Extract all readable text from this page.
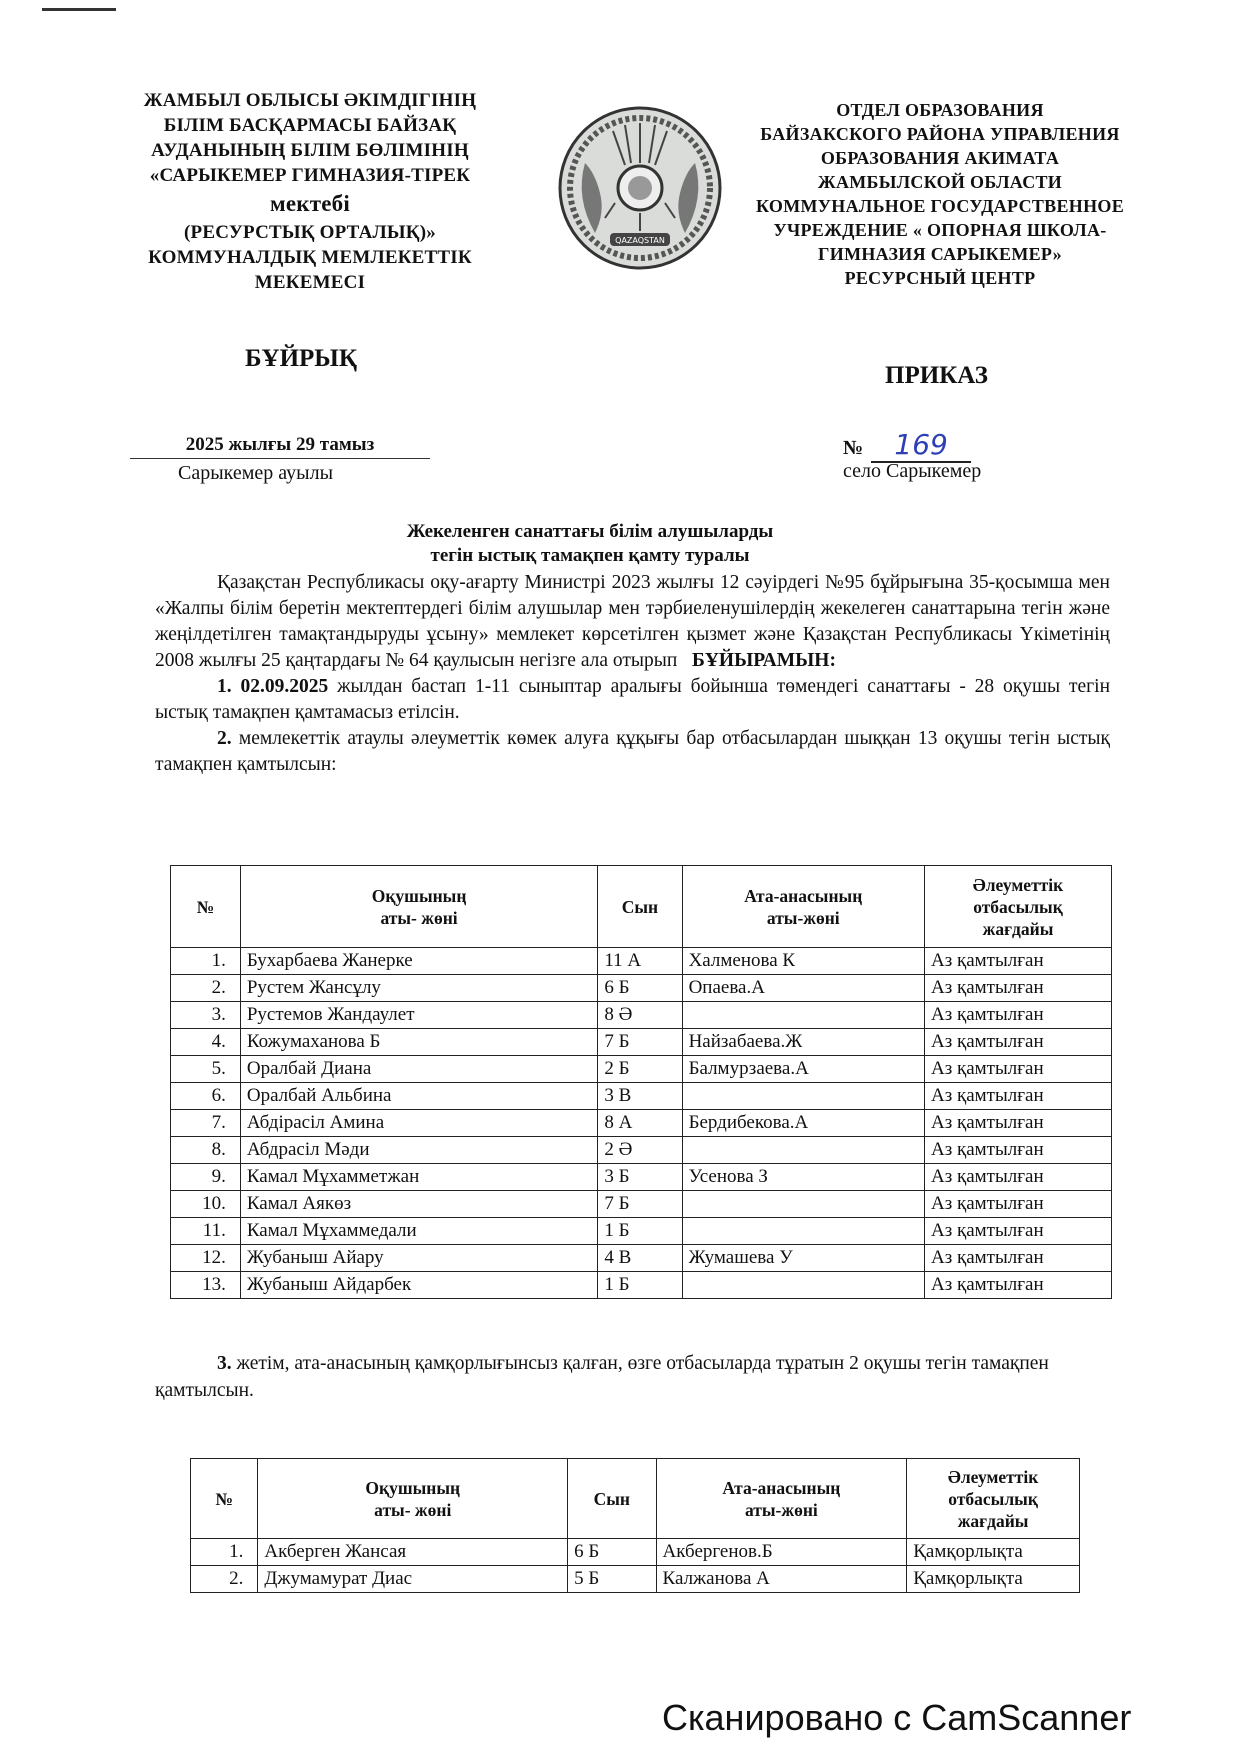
ЖАМБЫЛ ОБЛЫСЫ ӘКІМДІГІНІҢ
БІЛІМ БАСҚАРМАСЫ БАЙЗАҚ
АУДАНЫНЫҢ БІЛІМ БӨЛІМІНІҢ
«САРЫКЕМЕР ГИМНАЗИЯ-ТІРЕК
мектебі
(РЕСУРСТЫҚ ОРТАЛЫҚ)»
КОММУНАЛДЫҚ МЕМЛЕКЕТТІК
МЕКЕМЕСІ
QAZAQSTAN
ОТДЕЛ ОБРАЗОВАНИЯ
БАЙЗАКСКОГО РАЙОНА УПРАВЛЕНИЯ
ОБРАЗОВАНИЯ АКИМАТА
ЖАМБЫЛСКОЙ ОБЛАСТИ
КОММУНАЛЬНОЕ ГОСУДАРСТВЕННОЕ
УЧРЕЖДЕНИЕ « ОПОРНАЯ ШКОЛА-
ГИМНАЗИЯ САРЫКЕМЕР»
РЕСУРСНЫЙ ЦЕНТР
БҰЙРЫҚ
ПРИКАЗ
2025 жылғы 29 тамыз
Сарыкемер ауылы
№ 169
село Сарыкемер
Жекеленген санаттағы білім алушыларды
тегін ыстық тамақпен қамту туралы

Қазақстан Республикасы оқу-ағарту Министрі 2023 жылғы 12 сәуірдегі №95 бұйрығына 35-қосымша мен «Жалпы білім беретін мектептердегі білім алушылар мен тәрбиеленушілердің жекелеген санаттарына тегін және жеңілдетілген тамақтандыруды ұсыну» мемлекет көрсетілген қызмет және Қазақстан Республикасы Үкіметінің 2008 жылғы 25 қаңтардағы № 64 қаулысын негізге ала отырып БҰЙЫРАМЫН:

1. 02.09.2025 жылдан бастап 1-11 сыныптар аралығы бойынша төмендегі санаттағы - 28 оқушы тегін ыстық тамақпен қамтамасыз етілсін.

2. мемлекеттік атаулы әлеуметтік көмек алуға құқығы бар отбасылардан шыққан 13 оқушы тегін ыстық тамақпен қамтылсын:

№	Оқушының
аты- жөні	Сын	Ата-анасының
аты-жөні	Әлеуметтік
отбасылық
жағдайы
1.	Бухарбаева Жанерке	11 А	Халменова К	Аз қамтылған
2.	Рустем Жансұлу	6 Б	Опаева.А	Аз қамтылған
3.	Рустемов Жандаулет	8 Ә		Аз қамтылған
4.	Кожумаханова Б	7 Б	Найзабаева.Ж	Аз қамтылған
5.	Оралбай Диана	2 Б	Балмурзаева.А	Аз қамтылған
6.	Оралбай Альбина	3 В		Аз қамтылған
7.	Абдірасіл Амина	8 А	Бердибекова.А	Аз қамтылған
8.	Абдрасіл Мәди	2 Ә		Аз қамтылған
9.	Камал Мұхамметжан	3 Б	Усенова З	Аз қамтылған
10.	Камал Аякөз	7 Б		Аз қамтылған
11.	Камал Мұхаммедали	1 Б		Аз қамтылған
12.	Жубаныш Айару	4 В	Жумашева У	Аз қамтылған
13.	Жубаныш Айдарбек	1 Б		Аз қамтылған

3. жетім, ата-анасының қамқорлығынсыз қалған, өзге отбасыларда тұратын 2 оқушы тегін тамақпен қамтылсын.

№	Оқушының
аты- жөні	Сын	Ата-анасының
аты-жөні	Әлеуметтік
отбасылық
жағдайы
1.	Акберген Жансая	6 Б	Акбергенов.Б	Қамқорлықта
2.	Джумамурат Диас	5 Б	Калжанова А	Қамқорлықта
Сканировано с CamScanner
